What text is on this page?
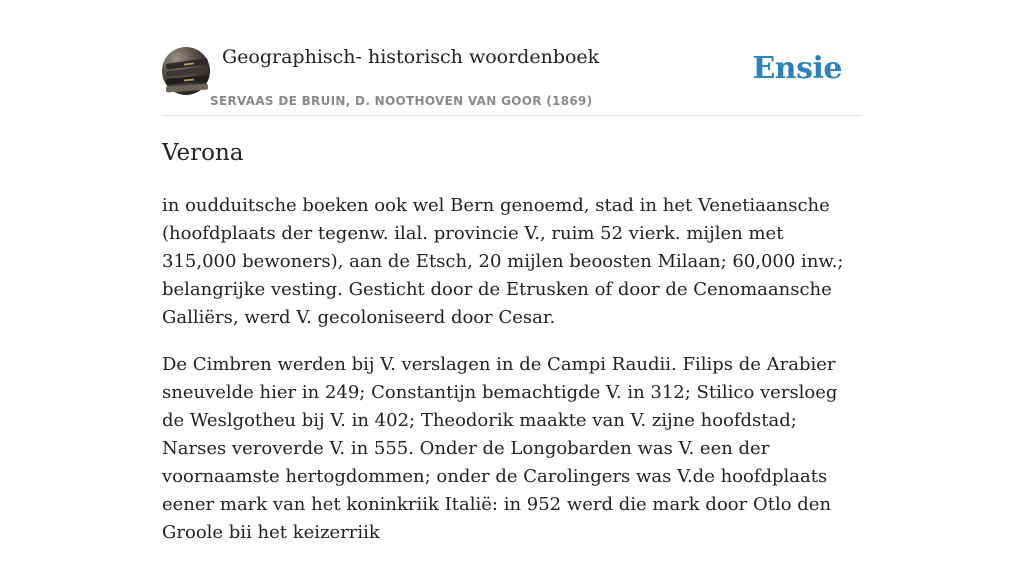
Geographisch- historisch woordenboek
SERVAAS DE BRUIN, D. NOOTHOVEN VAN GOOR (1869)
Ensie
Verona

in oudduitsche boeken ook wel Bern genoemd, stad in het Venetiaansche (hoofdplaats der tegenw. ilal. provincie V., ruim 52 vierk. mijlen met 315,000 bewoners), aan de Etsch, 20 mijlen beoosten Milaan; 60,000 inw.; belangrijke vesting. Gesticht door de Etrusken of door de Cenomaansche Galliërs, werd V. gecoloniseerd door Cesar.

De Cimbren werden bij V. verslagen in de Campi Raudii. Filips de Arabier sneuvelde hier in 249; Constantijn bemachtigde V. in 312; Stilico versloeg de Weslgotheu bij V. in 402; Theodorik maakte van V. zijne hoofdstad; Narses veroverde V. in 555. Onder de Longobarden was V. een der voornaamste hertogdommen; onder de Carolingers was V.de hoofdplaats eener mark van het koninkriik Italië: in 952 werd die mark door Otlo den Groole bii het keizerriik
